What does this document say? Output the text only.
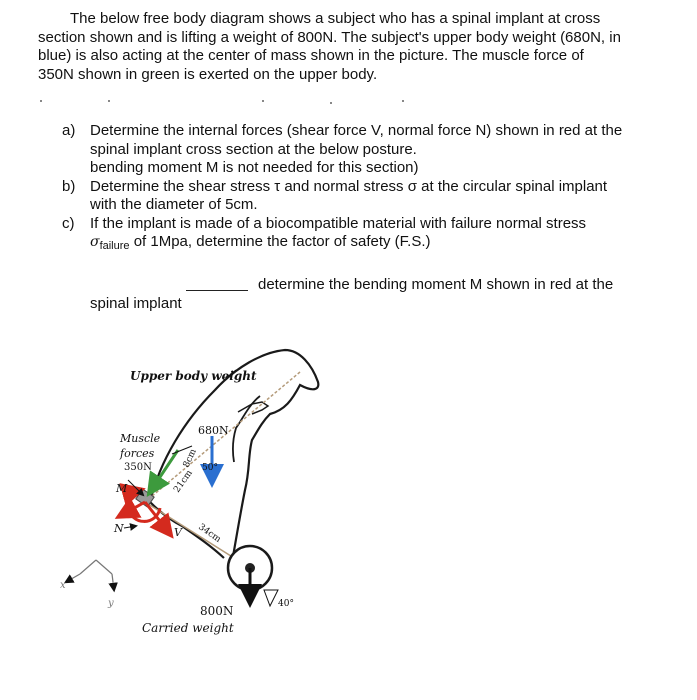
The below free body diagram shows a subject who has a spinal implant at cross
section shown and is lifting a weight of 800N. The subject's upper body weight (680N, in
blue) is also acting at the center of mass shown in the picture. The muscle force of
350N shown in green is exerted on the upper body.
a) Determine the internal forces (shear force V, normal force N) shown in red at the
spinal implant cross section at the below posture.
bending moment M is not needed for this section)
b) Determine the shear stress τ and normal stress σ at the circular spinal implant
with the diameter of 5cm.
c)	If the implant is made of a biocompatible material with failure normal stress
$\sigma_{failure}$ of 1Mpa, determine the factor of safety (F.S.)
determine the bending moment M shown in red at the
spinal implant
Upper body weight
Muscle
forces
350N
680N
8cm
21cm
34cm
50°
40°
M
N	V
800N
Carried weight
x
y
